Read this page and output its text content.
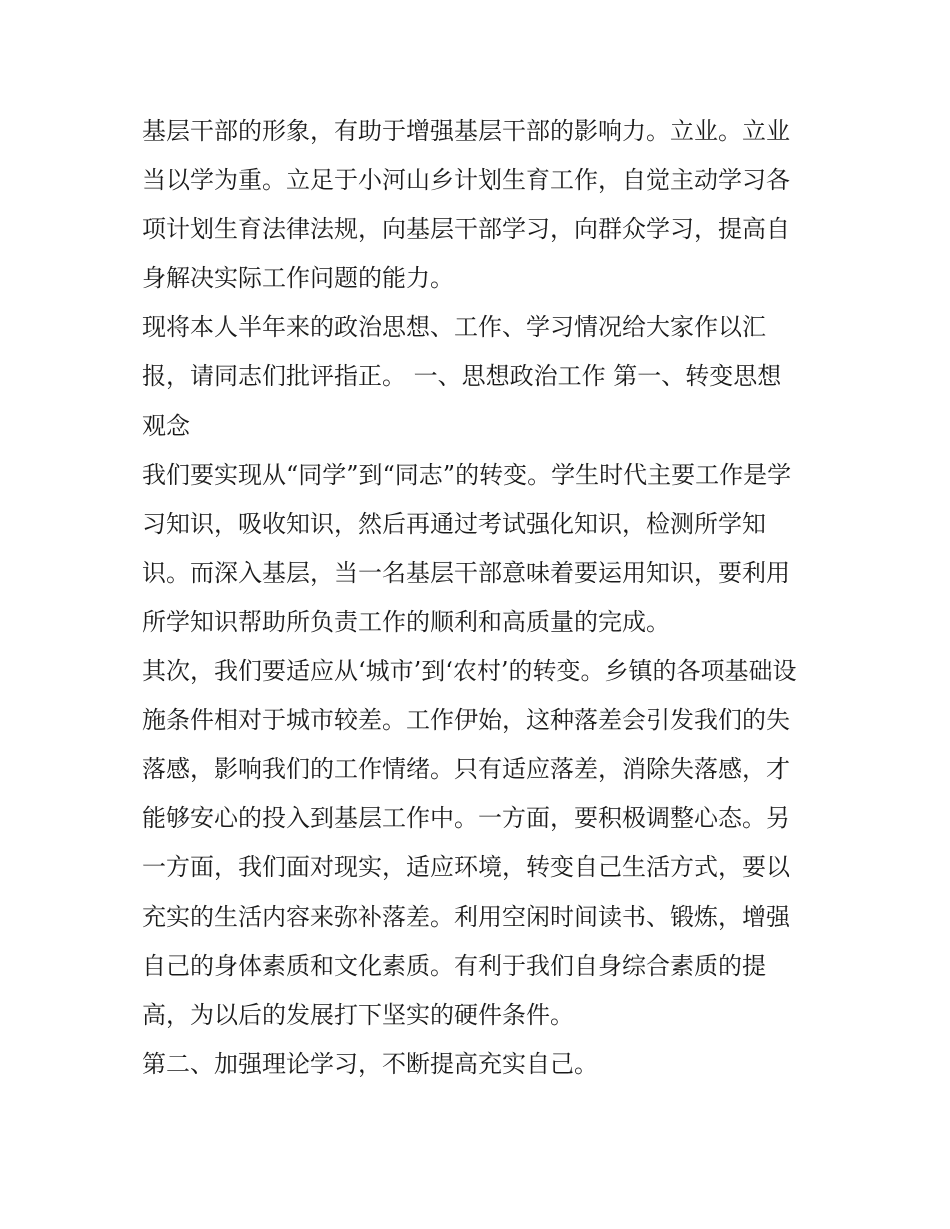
基层干部的形象，有助于增强基层干部的影响力。立业。立业
当以学为重。立足于小河山乡计划生育工作，自觉主动学习各
项计划生育法律法规，向基层干部学习，向群众学习，提高自
身解决实际工作问题的能力。
现将本人半年来的政治思想、工作、学习情况给大家作以汇
报，请同志们批评指正。 一、思想政治工作 第一、转变思想
观念
我们要实现从“同学”到“同志”的转变。学生时代主要工作是学
习知识，吸收知识，然后再通过考试强化知识，检测所学知
识。而深入基层，当一名基层干部意味着要运用知识，要利用
所学知识帮助所负责工作的顺利和高质量的完成。
其次，我们要适应从‘城市’到‘农村’的转变。乡镇的各项基础设
施条件相对于城市较差。工作伊始，这种落差会引发我们的失
落感，影响我们的工作情绪。只有适应落差，消除失落感，才
能够安心的投入到基层工作中。一方面，要积极调整心态。另
一方面，我们面对现实，适应环境，转变自己生活方式，要以
充实的生活内容来弥补落差。利用空闲时间读书、锻炼，增强
自己的身体素质和文化素质。有利于我们自身综合素质的提
高，为以后的发展打下坚实的硬件条件。
第二、加强理论学习，不断提高充实自己。
